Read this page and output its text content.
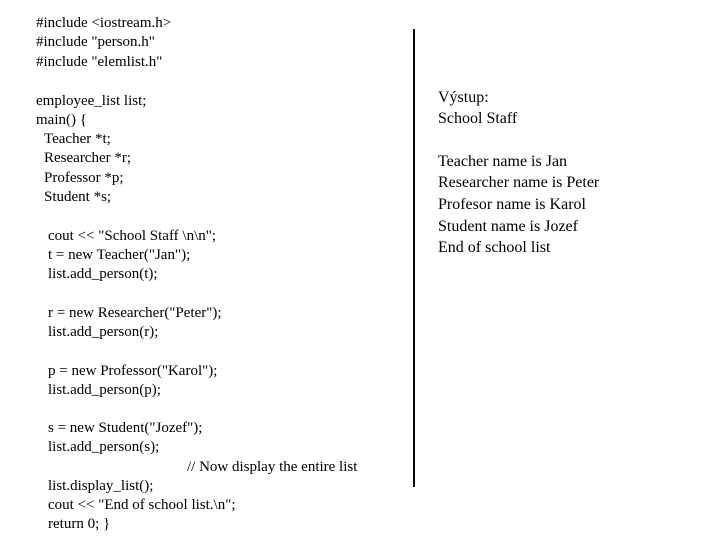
#include <iostream.h>
#include "person.h"
#include "elemlist.h"
employee_list list;
main() {
Teacher *t;
Researcher *r;
Professor *p;
Student *s;
cout << "School Staff \n\n";
t = new Teacher("Jan");
list.add_person(t);
r = new Researcher("Peter");
list.add_person(r);
p = new Professor("Karol");
list.add_person(p);
s = new Student("Jozef");
list.add_person(s);
// Now display the entire list
list.display_list();
cout << "End of school list.\n";
return 0; }
Výstup:
School Staff
Teacher name is Jan
Researcher name is Peter
Profesor name is Karol
Student name is Jozef
End of school list
